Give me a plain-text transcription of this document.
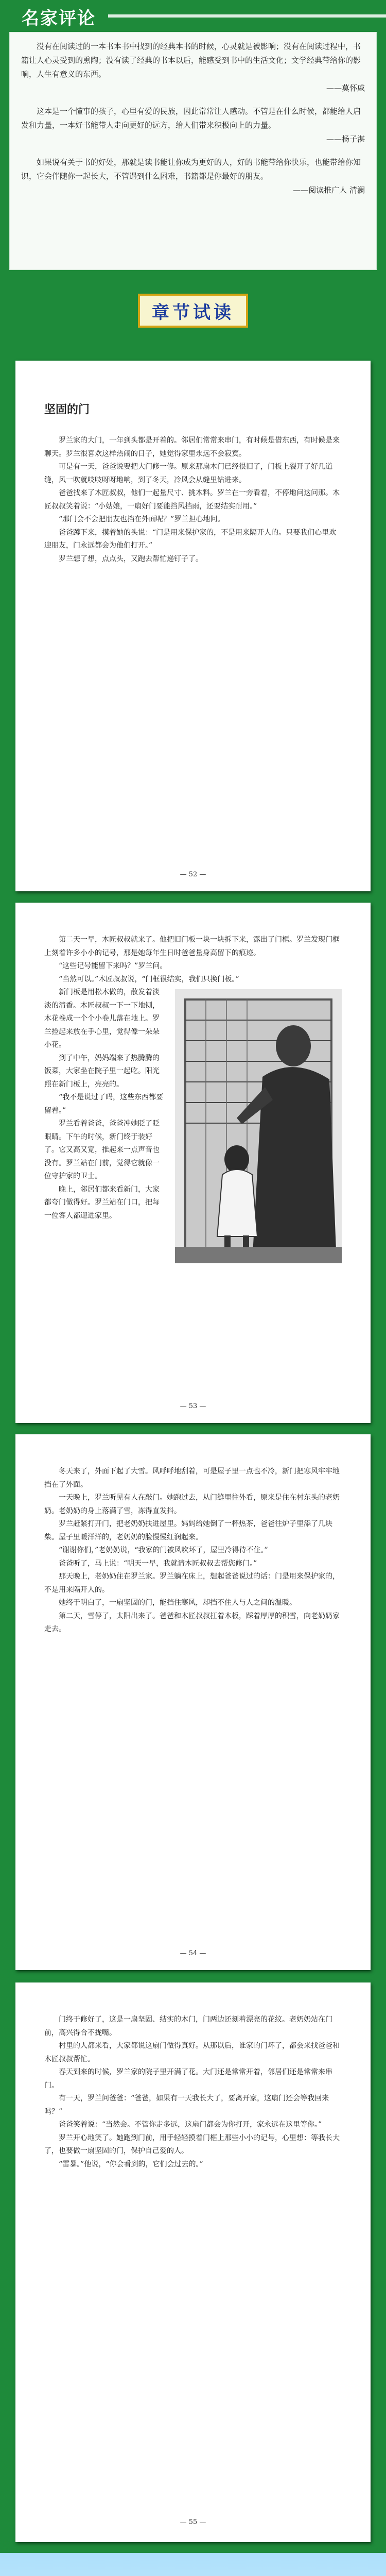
名家评论

没有在阅读过的一本书本书中找到的经典本书的时候，心灵就是被影响；没有在阅读过程中，书籍让人心灵受到的熏陶；没有读了经典的书本以后，能感受到书中的生活文化；文学经典带给你的影响，人生有意义的东西。

——莫怀戚

这本是一个懂事的孩子，心里有爱的民族，因此常常让人感动。不管是在什么时候，都能给人启发和力量，一本好书能带人走向更好的远方，给人们带来积极向上的力量。

——杨子湛

如果说有关于书的好处，那就是读书能让你成为更好的人，好的书能带给你快乐，也能带给你知识，它会伴随你一起长大，不管遇到什么困难，书籍都是你最好的朋友。

——阅读推广人 清澜
章节试读
坚固的门

罗兰家的大门，一年到头都是开着的。邻居们常常来串门，有时候是借东西，有时候是来聊天。罗兰很喜欢这样热闹的日子，她觉得家里永远不会寂寞。

可是有一天，爸爸说要把大门修一修。原来那扇木门已经很旧了，门板上裂开了好几道缝，风一吹就吱吱呀呀地响，到了冬天，冷风会从缝里钻进来。

爸爸找来了木匠叔叔，他们一起量尺寸、挑木料。罗兰在一旁看着，不停地问这问那。木匠叔叔笑着说：“小姑娘，一扇好门要能挡风挡雨，还要结实耐用。”

“那门会不会把朋友也挡在外面呢？”罗兰担心地问。

爸爸蹲下来，摸着她的头说：“门是用来保护家的，不是用来隔开人的。只要我们心里欢迎朋友，门永远都会为他们打开。”

罗兰想了想，点点头，又跑去帮忙递钉子了。

— 52 —

第二天一早，木匠叔叔就来了。他把旧门板一块一块拆下来，露出了门框。罗兰发现门框上刻着许多小小的记号，那是她每年生日时爸爸量身高留下的痕迹。

“这些记号能留下来吗？”罗兰问。

“当然可以。”木匠叔叔说，“门框很结实，我们只换门板。”

新门板是用松木做的，散发着淡淡的清香。木匠叔叔一下一下地刨，木花卷成一个个小卷儿落在地上。罗兰捡起来放在手心里，觉得像一朵朵小花。

到了中午，妈妈端来了热腾腾的饭菜，大家坐在院子里一起吃。阳光照在新门板上，亮亮的。

“我不是说过了吗，这些东西都要留着。”

罗兰看着爸爸，爸爸冲她眨了眨眼睛。下午的时候，新门终于装好了。它又高又宽，推起来一点声音也没有。罗兰站在门前，觉得它就像一位守护家的卫士。

晚上，邻居们都来看新门，大家都夸门做得好。罗兰站在门口，把每一位客人都迎进家里。

— 53 —

冬天来了，外面下起了大雪。风呼呼地刮着，可是屋子里一点也不冷，新门把寒风牢牢地挡在了外面。

一天晚上，罗兰听见有人在敲门。她跑过去，从门缝里往外看，原来是住在村东头的老奶奶。老奶奶的身上落满了雪，冻得直发抖。

罗兰赶紧打开门，把老奶奶扶进屋里。妈妈给她倒了一杯热茶，爸爸往炉子里添了几块柴。屋子里暖洋洋的，老奶奶的脸慢慢红润起来。

“谢谢你们，”老奶奶说，“我家的门被风吹坏了，屋里冷得待不住。”

爸爸听了，马上说：“明天一早，我就请木匠叔叔去帮您修门。”

那天晚上，老奶奶住在罗兰家。罗兰躺在床上，想起爸爸说过的话：门是用来保护家的，不是用来隔开人的。

她终于明白了，一扇坚固的门，能挡住寒风，却挡不住人与人之间的温暖。

第二天，雪停了，太阳出来了。爸爸和木匠叔叔扛着木板，踩着厚厚的积雪，向老奶奶家走去。

— 54 —

门终于修好了，这是一扇坚固、结实的木门，门两边还刻着漂亮的花纹。老奶奶站在门前，高兴得合不拢嘴。

村里的人都来看，大家都说这扇门做得真好。从那以后，谁家的门坏了，都会来找爸爸和木匠叔叔帮忙。

春天到来的时候，罗兰家的院子里开满了花。大门还是常常开着，邻居们还是常常来串门。

有一天，罗兰问爸爸：“爸爸，如果有一天我长大了，要离开家，这扇门还会等我回来吗？”

爸爸笑着说：“当然会。不管你走多远，这扇门都会为你打开，家永远在这里等你。”

罗兰开心地笑了。她跑到门前，用手轻轻摸着门框上那些小小的记号，心里想：等我长大了，也要做一扇坚固的门，保护自己爱的人。

“雷暴。”他说，“你会看到的，它们会过去的。”

— 55 —
